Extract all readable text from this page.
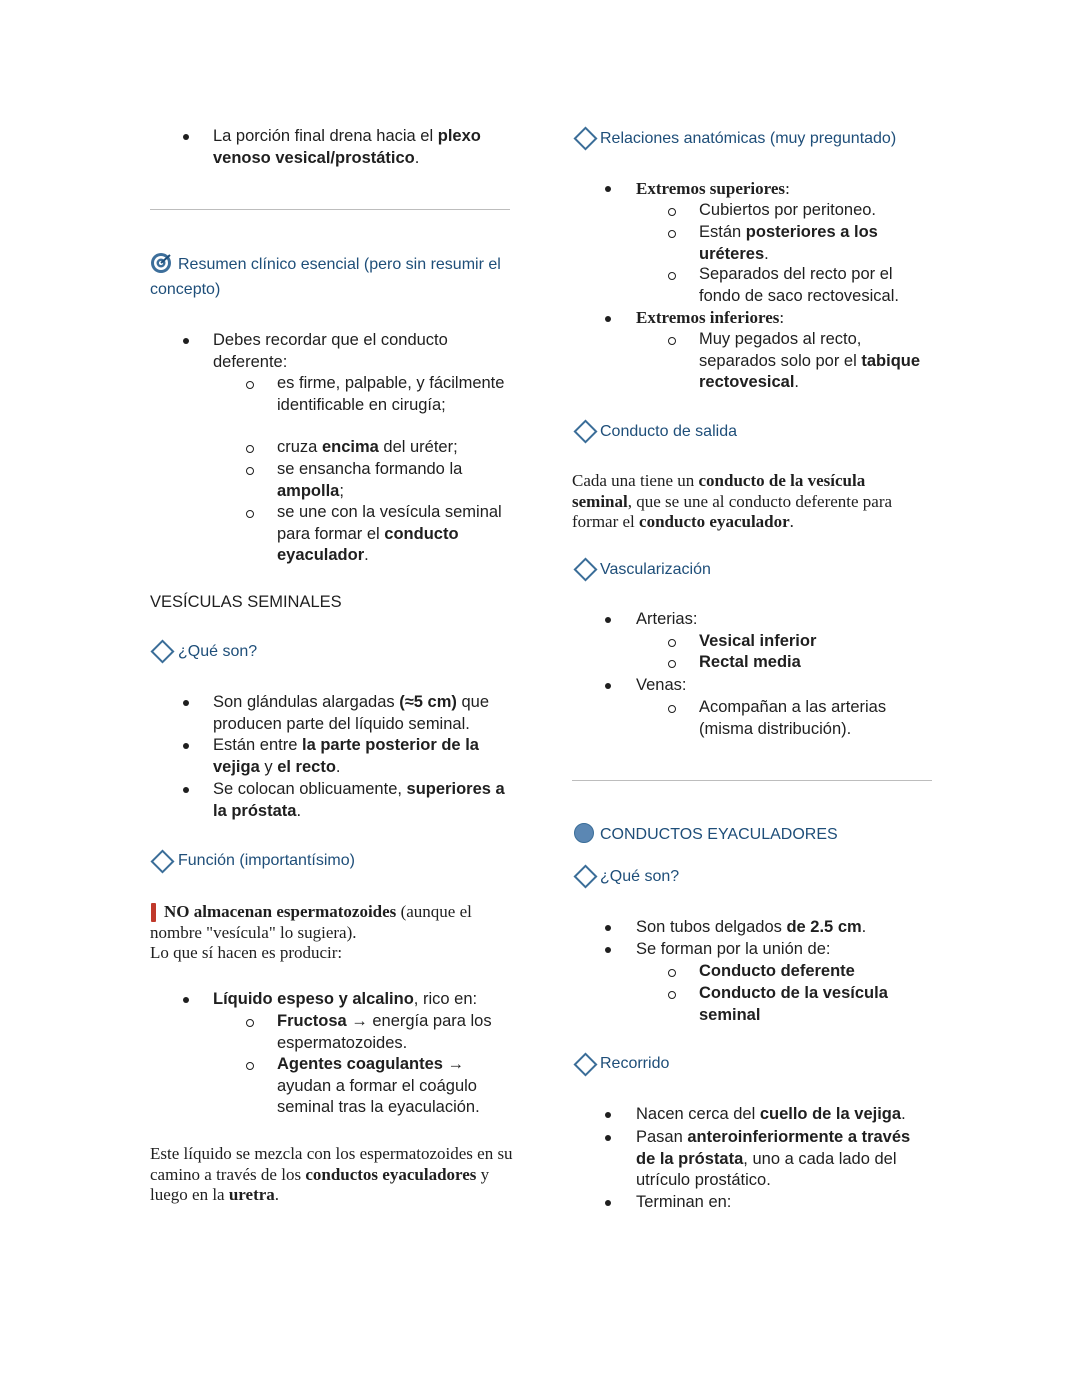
La porción final drena hacia el plexo venoso vesical/prostático.
Resumen clínico esencial (pero sin resumir el concepto)
Debes recordar que el conducto deferente:
es firme, palpable, y fácilmente identificable en cirugía;
cruza encima del uréter;
se ensancha formando la ampolla;
se une con la vesícula seminal para formar el conducto eyaculador.
VESÍCULAS SEMINALES
¿Qué son?
Son glándulas alargadas (≈5 cm) que producen parte del líquido seminal.
Están entre la parte posterior de la vejiga y el recto.
Se colocan oblicuamente, superiores a la próstata.
Función (importantísimo)
NO almacenan espermatozoides (aunque el nombre "vesícula" lo sugiera).
Lo que sí hacen es producir:
Líquido espeso y alcalino, rico en:
Fructosa → energía para los espermatozoides.
Agentes coagulantes → ayudan a formar el coágulo seminal tras la eyaculación.
Este líquido se mezcla con los espermatozoides en su camino a través de los conductos eyaculadores y luego en la uretra.
Relaciones anatómicas (muy preguntado)
Extremos superiores:
Cubiertos por peritoneo.
Están posteriores a los uréteres.
Separados del recto por el fondo de saco rectovesical.
Extremos inferiores:
Muy pegados al recto, separados solo por el tabique rectovesical.
Conducto de salida
Cada una tiene un conducto de la vesícula seminal, que se une al conducto deferente para formar el conducto eyaculador.
Vascularización
Arterias:
Vesical inferior
Rectal media
Venas:
Acompañan a las arterias (misma distribución).
CONDUCTOS EYACULADORES
¿Qué son?
Son tubos delgados de 2.5 cm.
Se forman por la unión de:
Conducto deferente
Conducto de la vesícula seminal
Recorrido
Nacen cerca del cuello de la vejiga.
Pasan anteroinferiormente a través de la próstata, uno a cada lado del utrículo prostático.
Terminan en:
